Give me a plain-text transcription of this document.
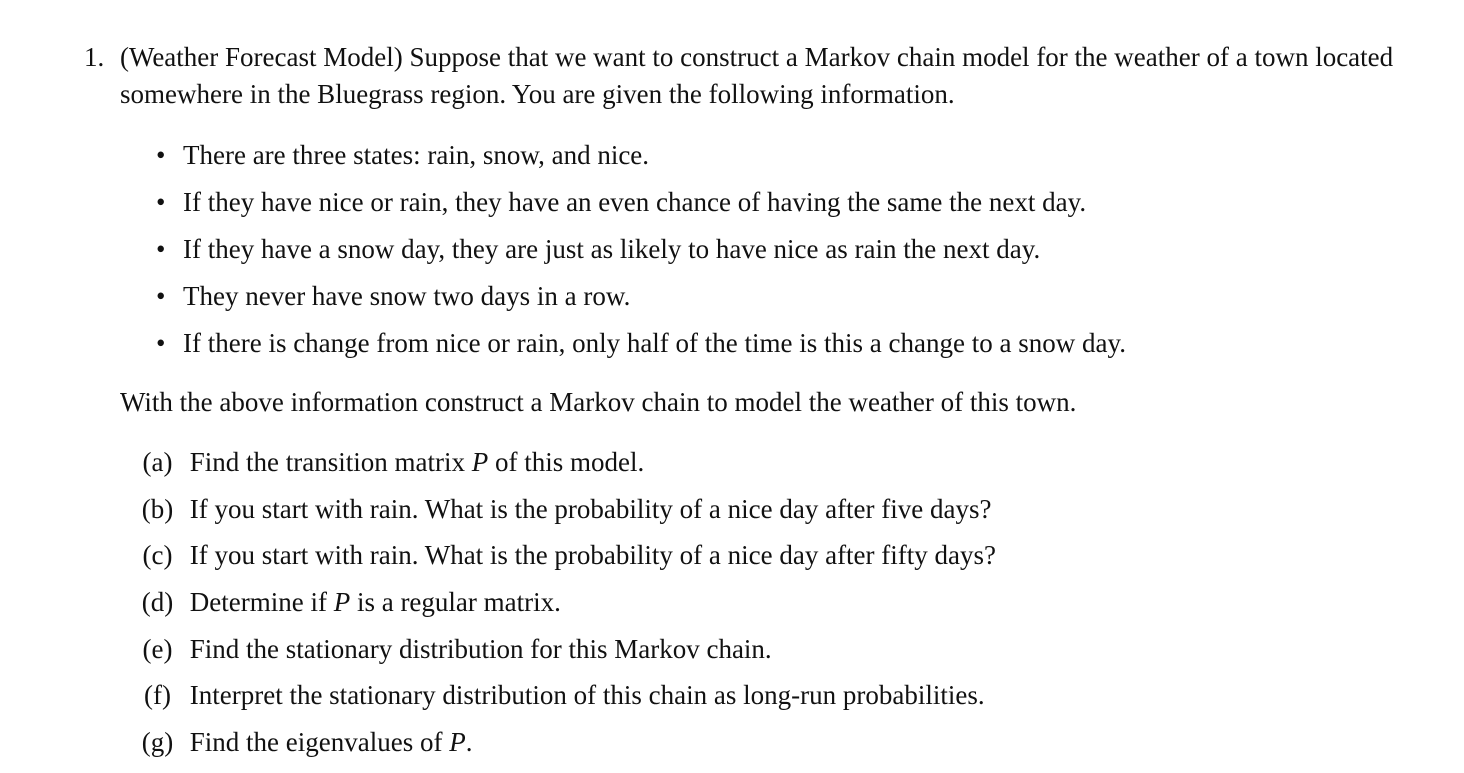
1. (Weather Forecast Model) Suppose that we want to construct a Markov chain model for the weather of a town located somewhere in the Bluegrass region. You are given the following information.
• There are three states: rain, snow, and nice.
• If they have nice or rain, they have an even chance of having the same the next day.
• If they have a snow day, they are just as likely to have nice as rain the next day.
• They never have snow two days in a row.
• If there is change from nice or rain, only half of the time is this a change to a snow day.
With the above information construct a Markov chain to model the weather of this town.
(a) Find the transition matrix P of this model.
(b) If you start with rain. What is the probability of a nice day after five days?
(c) If you start with rain. What is the probability of a nice day after fifty days?
(d) Determine if P is a regular matrix.
(e) Find the stationary distribution for this Markov chain.
(f) Interpret the stationary distribution of this chain as long-run probabilities.
(g) Find the eigenvalues of P.
